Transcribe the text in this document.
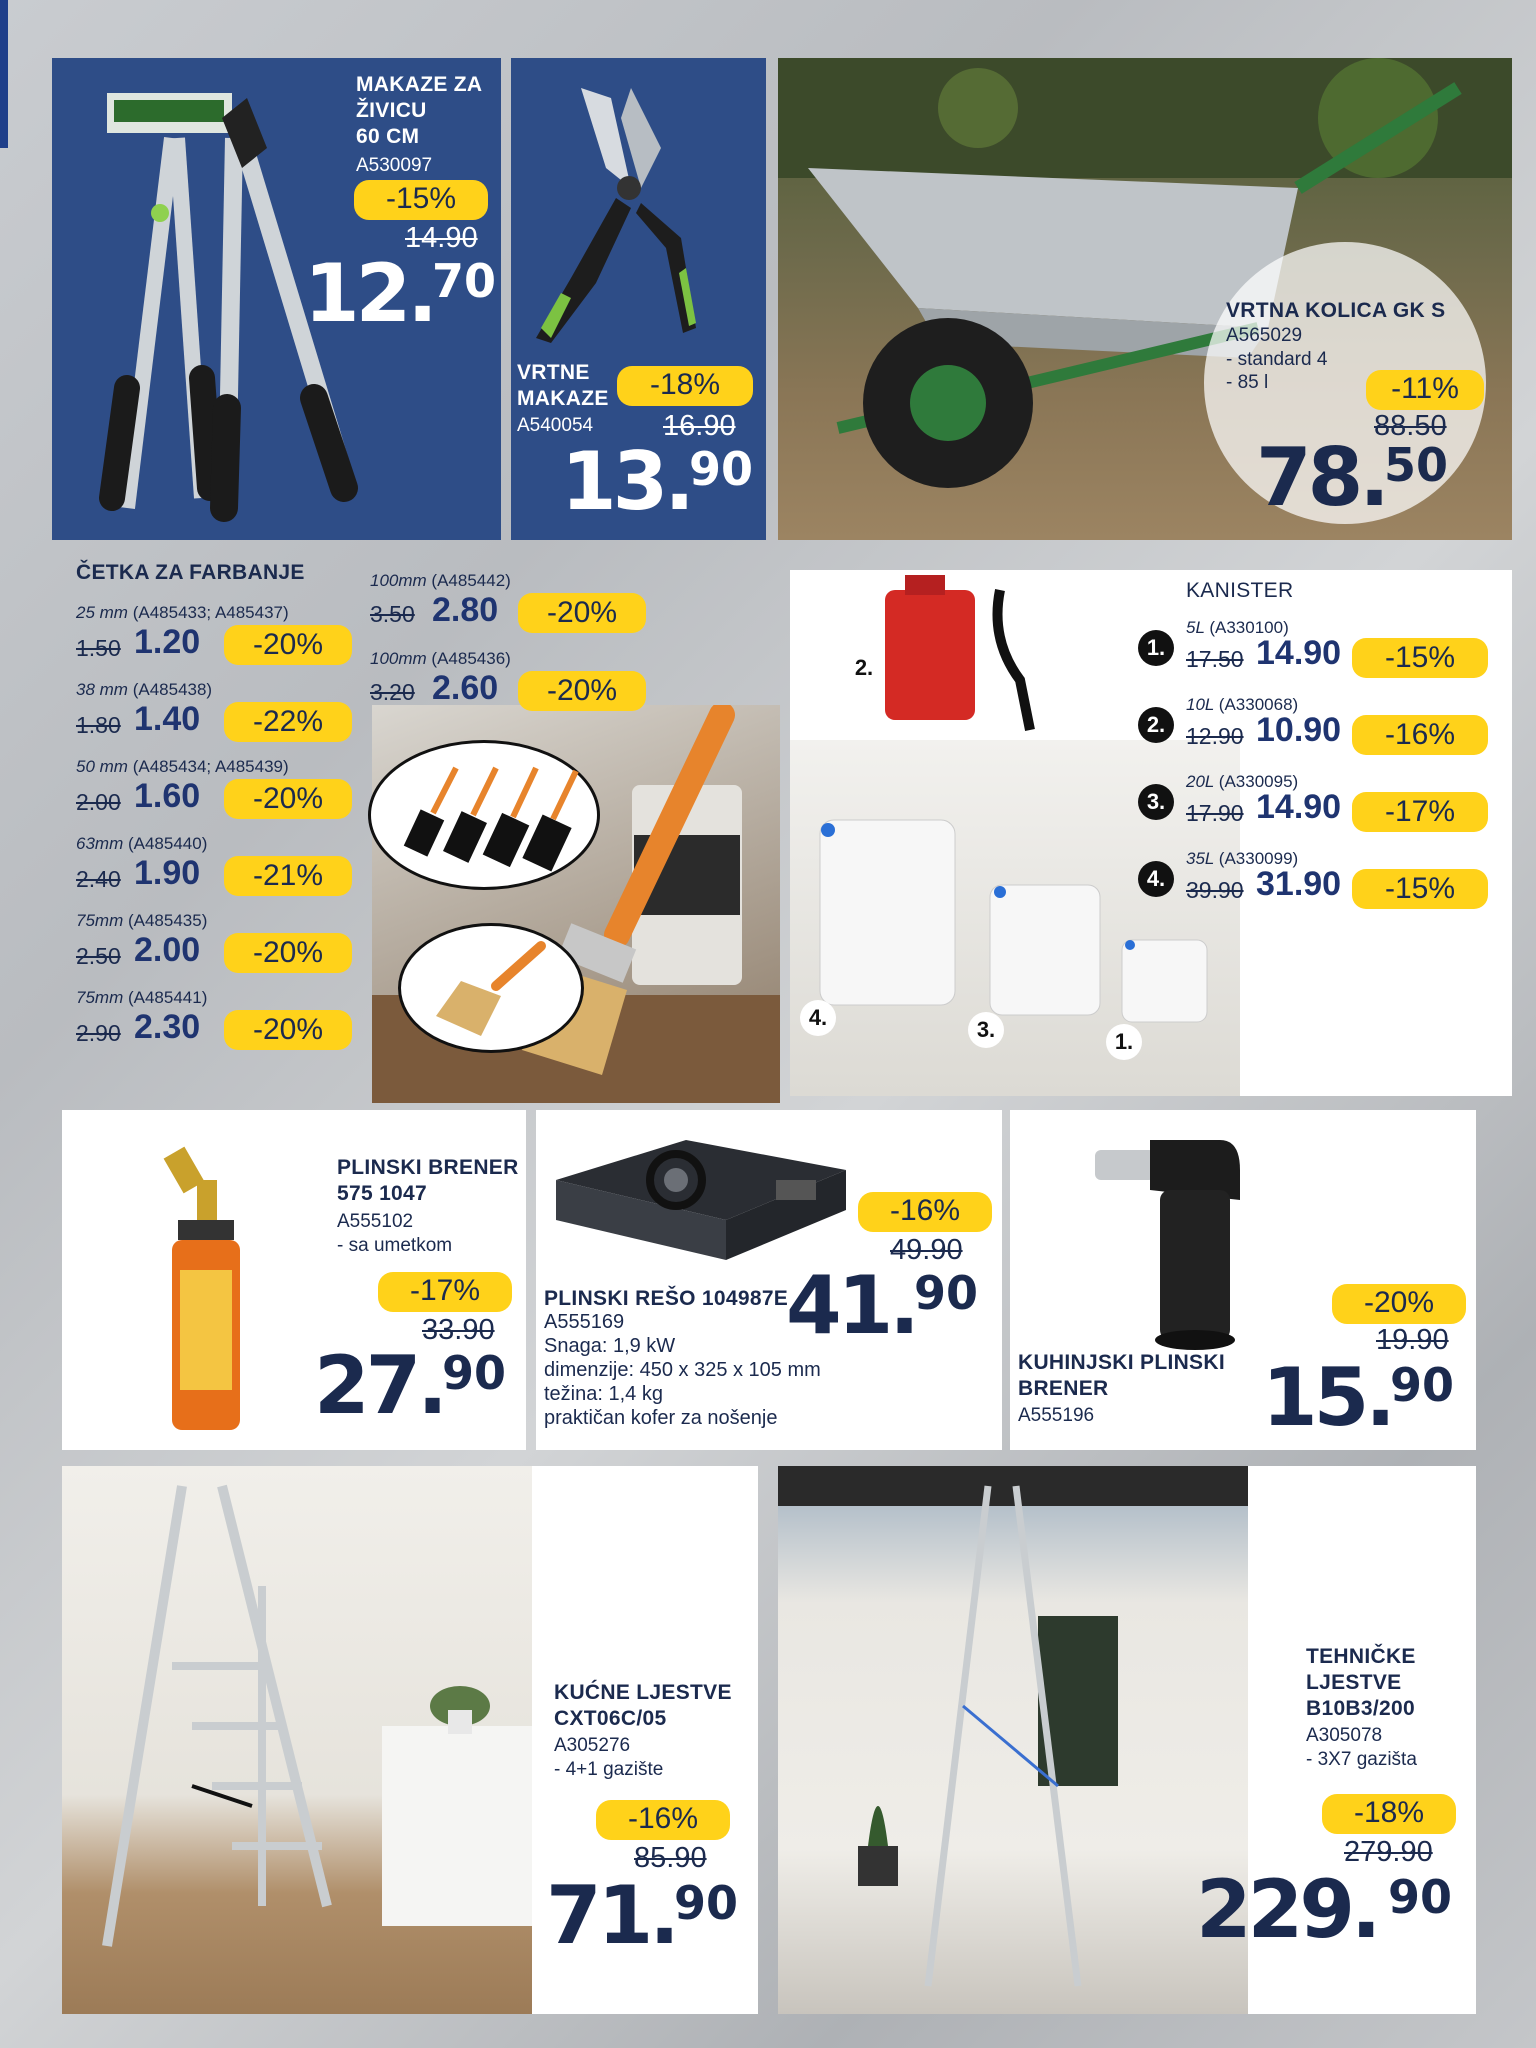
MAKAZE ZA
ŽIVICU
60 CM
A530097
-15%
14.90
12.
70
VRTNE
MAKAZE
A540054
-18%
16.90
13.
90
VRTNA KOLICA GK S
A565029
- standard 4
- 85 l	-11%
88.50
78.
50
ČETKA ZA FARBANJE
25 mm (A485433; A485437)
1.50 1.20	-20%
38 mm (A485438)
1.80 1.40	-22%
50 mm (A485434; A485439)
2.00 1.60	-20%
63mm (A485440)
2.40 1.90	-21%
75mm (A485435)
2.50 2.00	-20%
75mm (A485441)
2.90 2.30	-20%
100mm (A485442)
3.50 2.80	-20%
100mm (A485436)
3.20 2.60	-20%
2.
4.	3.	1.
KANISTER
1.
5L (A330100)
17.50 14.90	-15%
2.
10L (A330068)
12.90 10.90	-16%
3.
20L (A330095)
17.90 14.90	-17%
4.
35L (A330099)
39.90 31.90	-15%
PLINSKI BRENER
575 1047
A555102
- sa umetkom
-17%
33.90
27.
90
-16%
49.90
41.
90
PLINSKI REŠO 104987E
A555169
Snaga: 1,9 kW
dimenzije: 450 x 325 x 105 mm
težina: 1,4 kg
praktičan kofer za nošenje
KUHINJSKI PLINSKI
BRENER
A555196
-20%
19.90
15.
90
KUĆNE LJESTVE
CXT06C/05
A305276
- 4+1 gazište
-16%
85.90
71.
90
TEHNIČKE
LJESTVE
B10B3/200
A305078
- 3X7 gazišta
-18%
279.90
229. 90
